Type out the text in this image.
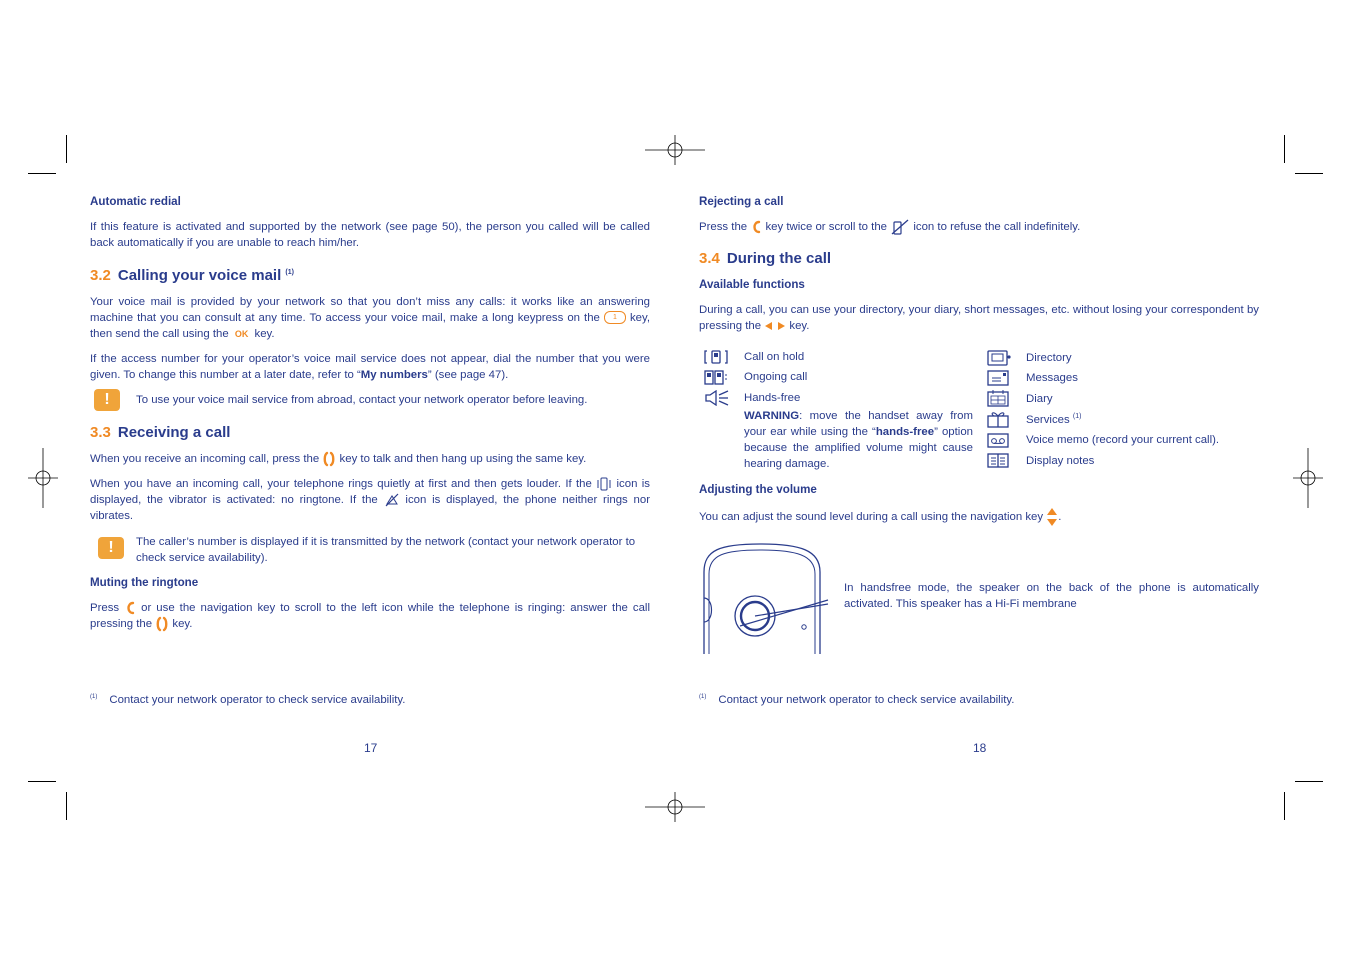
Automatic redial

If this feature is activated and supported by the network (see page 50), the person you called will be called back automatically if you are unable to reach him/her.

3.2 Calling your voice mail $^{(1)}$

Your voice mail is provided by your network so that you don’t miss any calls: it works like an answering machine that you can consult at any time. To access your voice mail, make a long keypress on the 1 key, then send the call using the OK key.

If the access number for your operator’s voice mail service does not appear, dial the number that you were given. To change this number at a later date, refer to “My numbers” (see page 47).

!	To use your voice mail service from abroad, contact your network operator before leaving.

3.3 Receiving a call

When you receive an incoming call, press the key to talk and then hang up using the same key.

When you have an incoming call, your telephone rings quietly at first and then gets louder. If the icon is displayed, the vibrator is activated: no ringtone. If the icon is displayed, the phone neither rings nor vibrates.

!	The caller’s number is displayed if it is transmitted by the network (contact your network operator to check service availability).

Muting the ringtone

Press or use the navigation key to scroll to the left icon while the telephone is ringing: answer the call pressing the key.

$^{(1)}$ Contact your network operator to check service availability.
17
Rejecting a call

Press the key twice or scroll to the icon to refuse the call indefinitely.

3.4 During the call
Available functions

During a call, you can use your directory, your diary, short messages, etc. without losing your correspondent by pressing the key.

Call on hold
Ongoing call
Hands-free

WARNING: move the handset away from your ear while using the “hands-free” option because the amplified volume might cause hearing damage.

Directory
Messages
Diary
Services $^{(1)}$
Voice memo (record your current call).
Display notes
Adjusting the volume

You can adjust the sound level during a call using the navigation key .

In handsfree mode, the speaker on the back of the phone is automatically activated. This speaker has a Hi-Fi membrane

$^{(1)}$ Contact your network operator to check service availability.
18
